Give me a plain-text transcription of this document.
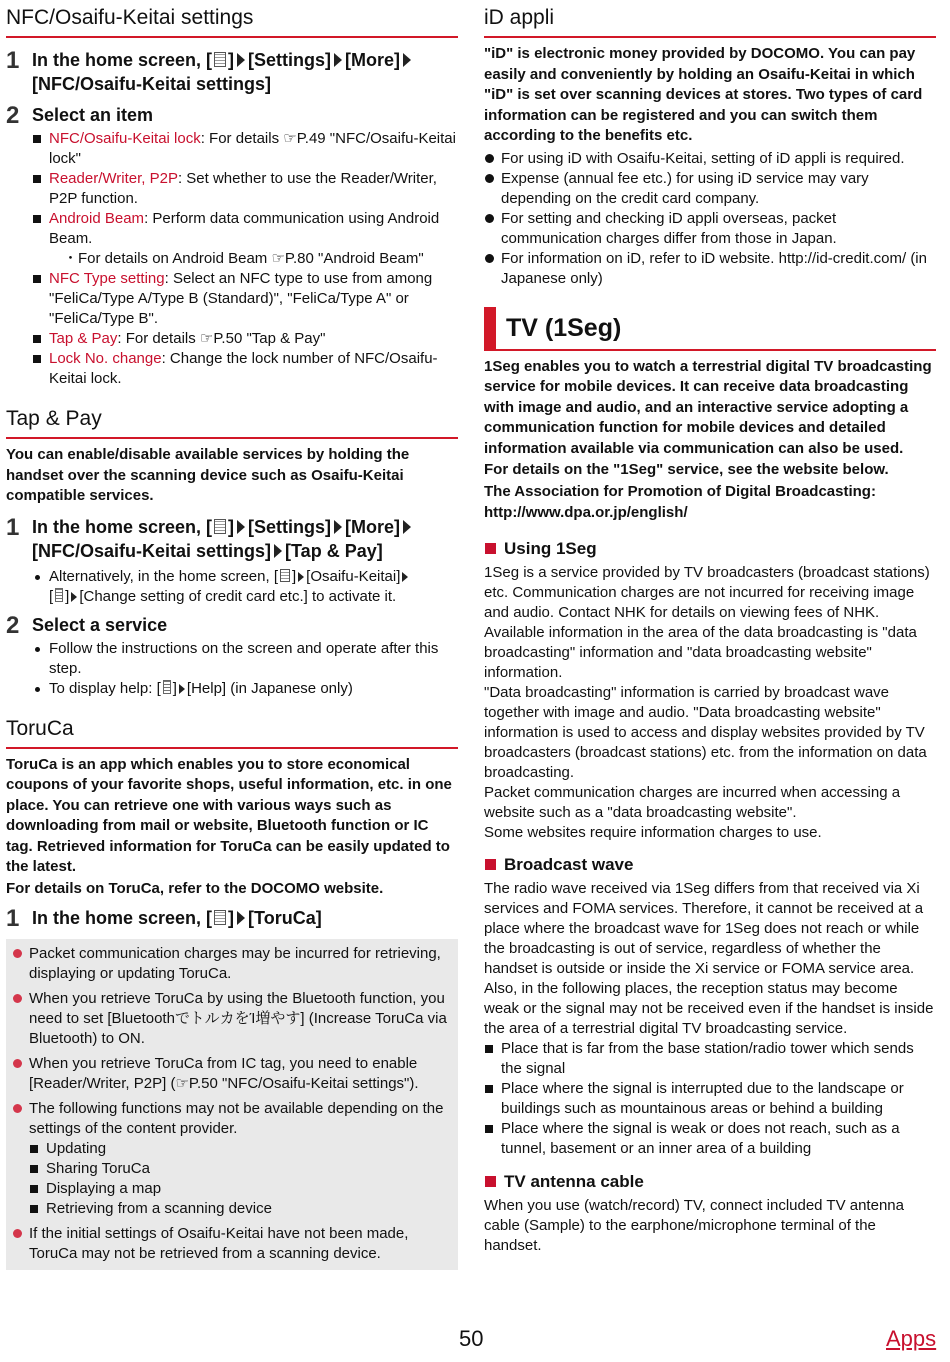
NFC/Osaifu-Keitai settings
1 In the home screen, [ ] [Settings] [More]
[NFC/Osaifu-Keitai settings]
2 Select an item
NFC/Osaifu-Keitai lock: For details ☞P.49 "NFC/Osaifu-Keitai lock"
Reader/Writer, P2P: Set whether to use the Reader/Writer, P2P function.
Android Beam: Perform data communication using Android Beam.
・For details on Android Beam ☞P.80 "Android Beam"
NFC Type setting: Select an NFC type to use from among "FeliCa/Type A/Type B (Standard)", "FeliCa/Type A" or "FeliCa/Type B".
Tap & Pay: For details ☞P.50 "Tap & Pay"
Lock No. change: Change the lock number of NFC/Osaifu-Keitai lock.
Tap & Pay

You can enable/disable available services by holding the handset over the scanning device such as Osaifu-Keitai compatible services.

1 In the home screen, [ ] [Settings] [More]
[NFC/Osaifu-Keitai settings] [Tap & Pay]
Alternatively, in the home screen, [ ] [Osaifu-Keitai]
[ ] [Change setting of credit card etc.] to activate it.
2 Select a service
Follow the instructions on the screen and operate after this step.
To display help: [ ] [Help] (in Japanese only)
ToruCa

ToruCa is an app which enables you to store economical coupons of your favorite shops, useful information, etc. in one place. You can retrieve one with various ways such as downloading from mail or website, Bluetooth function or IC tag. Retrieved information for ToruCa can be easily updated to the latest.

For details on ToruCa, refer to the DOCOMO website.

1 In the home screen, [ ] [ToruCa]
Packet communication charges may be incurred for retrieving, displaying or updating ToruCa.
When you retrieve ToruCa by using the Bluetooth function, you need to set [BluetoothでトルカをΊ増やす] (Increase ToruCa via Bluetooth) to ON.
When you retrieve ToruCa from IC tag, you need to enable [Reader/Writer, P2P] (☞P.50 "NFC/Osaifu-Keitai settings").
The following functions may not be available depending on the settings of the content provider.
Updating
Sharing ToruCa
Displaying a map
Retrieving from a scanning device
If the initial settings of Osaifu-Keitai have not been made, ToruCa may not be retrieved from a scanning device.
iD appli

"iD" is electronic money provided by DOCOMO. You can pay easily and conveniently by holding an Osaifu-Keitai in which "iD" is set over scanning devices at stores. Two types of card information can be registered and you can switch them according to the benefits etc.

For using iD with Osaifu-Keitai, setting of iD appli is required.
Expense (annual fee etc.) for using iD service may vary depending on the credit card company.
For setting and checking iD appli overseas, packet communication charges differ from those in Japan.
For information on iD, refer to iD website. http://id-credit.com/ (in Japanese only)
TV (1Seg)

1Seg enables you to watch a terrestrial digital TV broadcasting service for mobile devices. It can receive data broadcasting with image and audio, and an interactive service adopting a communication function for mobile devices and detailed information available via communication can also be used.

For details on the "1Seg" service, see the website below.

The Association for Promotion of Digital Broadcasting:

http://www.dpa.or.jp/english/

Using 1Seg

1Seg is a service provided by TV broadcasters (broadcast stations) etc. Communication charges are not incurred for receiving image and audio. Contact NHK for details on viewing fees of NHK.

Available information in the area of the data broadcasting is "data broadcasting" information and "data broadcasting website" information.

"Data broadcasting" information is carried by broadcast wave together with image and audio. "Data broadcasting website" information is used to access and display websites provided by TV broadcasters (broadcast stations) etc. from the information on data broadcasting.

Packet communication charges are incurred when accessing a website such as a "data broadcasting website".

Some websites require information charges to use.

Broadcast wave

The radio wave received via 1Seg differs from that received via Xi services and FOMA services. Therefore, it cannot be received at a place where the broadcast wave for 1Seg does not reach or while the broadcasting is out of service, regardless of whether the handset is outside or inside the Xi service or FOMA service area.

Also, in the following places, the reception status may become weak or the signal may not be received even if the handset is inside the area of a terrestrial digital TV broadcasting service.

Place that is far from the base station/radio tower which sends the signal
Place where the signal is interrupted due to the landscape or buildings such as mountainous areas or behind a building
Place where the signal is weak or does not reach, such as a tunnel, basement or an inner area of a building
TV antenna cable

When you use (watch/record) TV, connect included TV antenna cable (Sample) to the earphone/microphone terminal of the handset.

50	Apps
